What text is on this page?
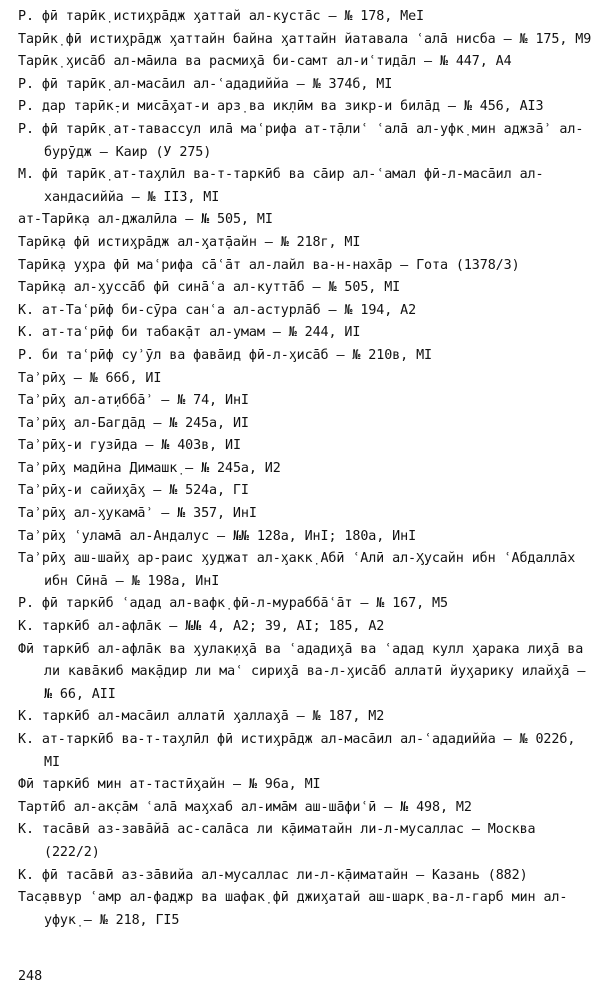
Р. фӣ тарӣк̣ истиӽрāдж ӽаттай ал-к̣устāс – № 178, МеІ
Тарӣк̣ фӣ истиӽрāдж ӽаттайн байна ӽаттайн йатавала ʿалā нисба – № 175, М9
Тарӣк̣ ӽисāб ал-мāила ва расмиӽā би-самт ал-иʿтидāл – № 447, А4
Р. фӣ тарӣк̣ ал-масāил ал-ʿададиййа – № 374б, МІ
Р. дар тарӣк̣-и мисāӽат-и арз̣ ва ик̣лӣм ва зикр-и билāд – № 456, АІЗ
Р. фӣ тарӣк̣ ат-тавассул илā маʿрифа ат-т̣āлиʿ ʿалā ал-уфк̣ мин аджзāʾ ал-бурӯдж – Каир (У 275)
М. фӣ тарӣк̣ ат-таӽлӣл ва-т-таркӣб ва сāир ал-ʿамал фӣ-л-масāил ал-хандасиййа – № ІІЗ, МІ
ат-Тарӣк̣а ал-джалӣла – № 505, МІ
Тарӣк̣а фӣ истиӽрāдж ал-ӽат̣āайн – № 218г, МІ
Тарӣк̣а уӽра фӣ маʿрифа сāʿāт ал-лайл ва-н-нахāр – Гота (1378/3)
Тарӣк̣а ал-ӽуссāб фӣ синāʿа ал-куттāб – № 505, МІ
К. ат-Таʿрӣф би-сӯра санʿа ал-астурлāб – № 194, А2
К. ат-таʿрӣф би табак̣āт ал-умам – № 244, ИІ
Р. би таʿрӣф суʾӯл ва фавāид фӣ-л-ӽисāб – № 210в, МІ
Таʾрӣӽ – № 66б, ИІ
Таʾрӣӽ ал-ат̣иббāʾ – № 74, ИнІ
Таʾрӣӽ ал-Багдāд – № 245а, ИІ
Таʾрӣӽ-и гузӣда – № 403в, ИІ
Таʾрӣӽ мадӣна Димашк̣ – № 245а, И2
Таʾрӣӽ-и сайиӽāӽ – № 524а, ГІ
Таʾрӣӽ ал-ӽукамāʾ – № 357, ИнІ
Таʾрӣӽ ʿуламā ал-Андалус – №№ 128а, ИнІ; 180а, ИнІ
Таʾрӣӽ аш-шайӽ ар-раис ӽуджат ал-ӽакк̣ Абӣ ʿАлӣ ал-Ӽусайн ибн ʿАбдаллāх ибн Сӣнā – № 198а, ИнІ
Р. фӣ таркӣб ʿадад ал-вафк̣ фӣ-л-мурабба̄ʿāт – № 167, М5
К. таркӣб ал-афлāк – №№ 4, А2; 39, АІ; 185, А2
Фӣ таркӣб ал-афлāк ва ӽулак̣иӽā ва ʿададиӽā ва ʿадад кулл ӽарака лиӽā ва ли кавāкиб мак̣āдир ли маʿ сириӽā ва-л-ӽисāб аллатӣ йуӽарику илайӽā – № 66, АІІ
К. таркӣб ал-масāил аллатӣ ӽаллаӽā – № 187, М2
К. ат-таркӣб ва-т-таӽлӣл фӣ истиӽрāдж ал-масāил ал-ʿададиййа – № 022б, МІ
Фӣ таркӣб мин ат-тастӣӽайн – № 96а, МІ
Тартӣб ал-ак̣сāм ʿалā маӽхаб ал-имāм аш-шāфиʿӣ – № 498, М2
К. тасāвӣ аз-завāйā ас-салāса ли к̣āиматайн ли-л-мусаллас – Москва (222/2)
К. фӣ тасāвӣ аз-зāвийа ал-мусаллас ли-л-к̣āиматайн – Казань (882)
Тас̣аввур ʿамр ал-фаджр ва шафак̣ фӣ джиӽатай аш-шарк̣ ва-л-гарб мин ал-уфук̣ – № 218, ГІ5
248
